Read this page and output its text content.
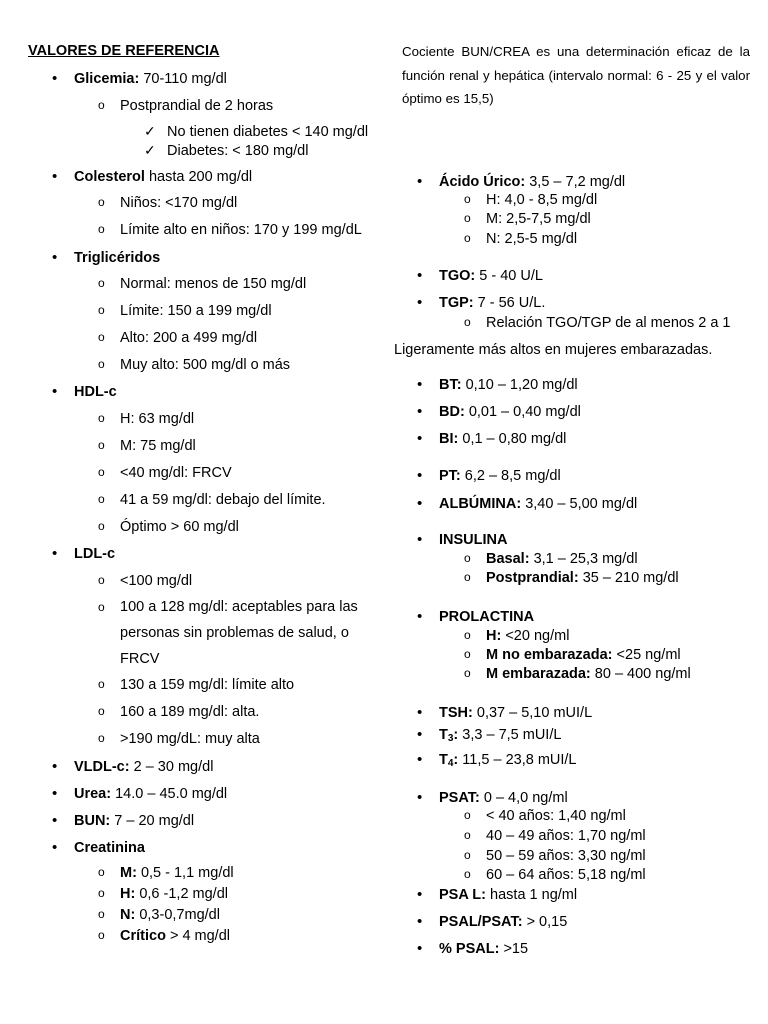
VALORES DE REFERENCIA
• Glicemia: 70-110 mg/dl
o Postprandial de 2 horas
✓ No tienen diabetes < 140 mg/dl
✓ Diabetes: < 180 mg/dl
• Colesterol hasta 200 mg/dl
o Niños: <170 mg/dl
o Límite alto en niños: 170 y 199 mg/dL
• Triglicéridos
o Normal: menos de 150 mg/dl
o Límite: 150 a 199 mg/dl
o Alto: 200 a 499 mg/dl
o Muy alto: 500 mg/dl o más
• HDL-c
o H: 63 mg/dl
o M: 75 mg/dl
o <40 mg/dl: FRCV
o 41 a 59 mg/dl: debajo del límite.
o Óptimo > 60 mg/dl
• LDL-c
o <100 mg/dl
o 100 a 128 mg/dl: aceptables para las personas sin problemas de salud, o FRCV
o 130 a 159 mg/dl: límite alto
o 160 a 189 mg/dl: alta.
o >190 mg/dL: muy alta
• VLDL-c: 2 – 30 mg/dl
• Urea: 14.0 – 45.0 mg/dl
• BUN: 7 – 20 mg/dl
• Creatinina
o M: 0,5 - 1,1 mg/dl
o H: 0,6 -1,2 mg/dl
o N: 0,3-0,7mg/dl
o Crítico > 4 mg/dl
Cociente BUN/CREA es una determinación eficaz de la función renal y hepática (intervalo normal: 6 - 25 y el valor óptimo es 15,5)
• Ácido Úrico: 3,5 – 7,2 mg/dl
o H: 4,0 - 8,5 mg/dl
o M: 2,5-7,5 mg/dl
o N: 2,5-5 mg/dl
• TGO: 5 - 40 U/L
• TGP: 7 - 56 U/L.
o Relación TGO/TGP de al menos 2 a 1
Ligeramente más altos en mujeres embarazadas.
• BT: 0,10 – 1,20 mg/dl
• BD: 0,01 – 0,40 mg/dl
• BI: 0,1 – 0,80 mg/dl
• PT: 6,2 – 8,5 mg/dl
• ALBÚMINA: 3,40 – 5,00 mg/dl
• INSULINA
o Basal: 3,1 – 25,3 mg/dl
o Postprandial: 35 – 210 mg/dl
• PROLACTINA
o H: <20 ng/ml
o M no embarazada: <25 ng/ml
o M embarazada: 80 – 400 ng/ml
• TSH: 0,37 – 5,10 mUI/L
• $T_3$: 3,3 – 7,5 mUI/L
• $T_4$: 11,5 – 23,8 mUI/L
• PSAT: 0 – 4,0 ng/ml
o < 40 años: 1,40 ng/ml
o 40 – 49 años: 1,70 ng/ml
o 50 – 59 años: 3,30 ng/ml
o 60 – 64 años: 5,18 ng/ml
• PSA L: hasta 1 ng/ml
• PSAL/PSAT: > 0,15
• % PSAL: >15
